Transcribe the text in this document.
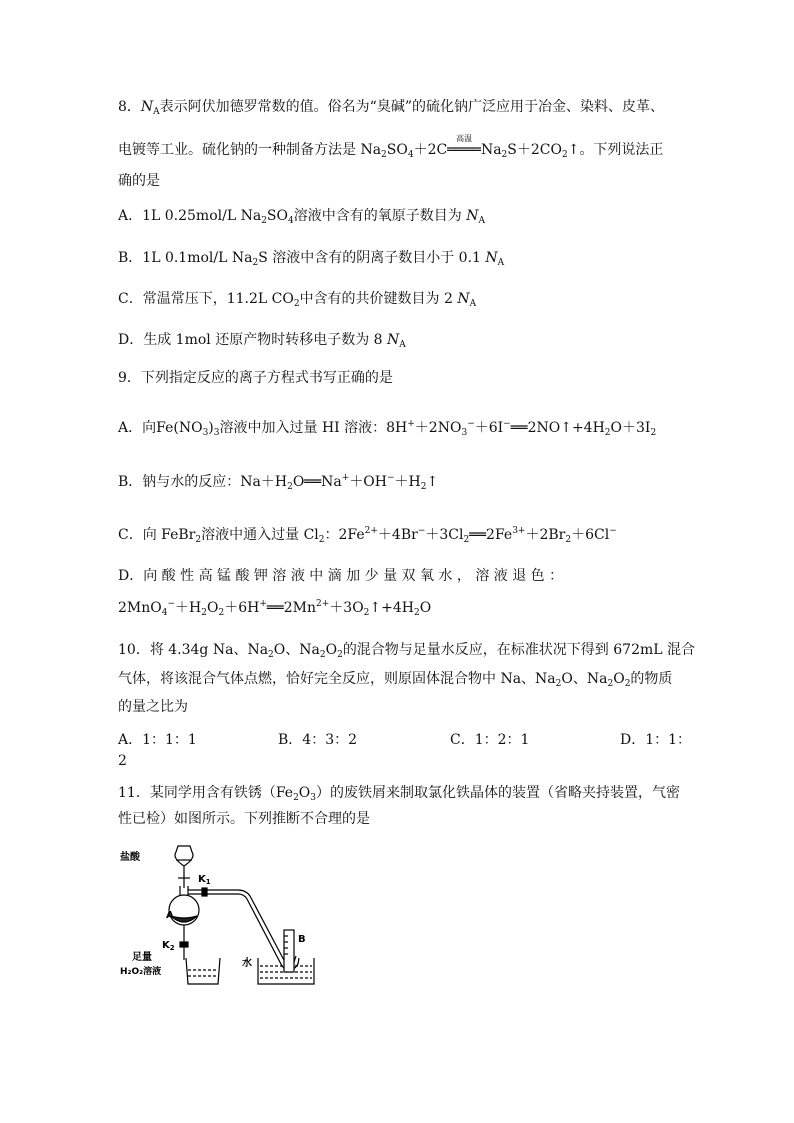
8．$N_A$表示阿伏加德罗常数的值。俗名为“臭碱”的硫化钠广泛应用于冶金、染料、皮革、
电镀等工业。硫化钠的一种制备方法是 $Na_2SO_4+2C$
高温
$════Na_2S+2CO_2↑$。下列说法正
确的是
A．1L 0.25mol/L $Na_2SO_4$溶液中含有的氧原子数目为 $N_A$
B．1L 0.1mol/L $Na_2S$ 溶液中含有的阴离子数目小于 0.1 $N_A$
C．常温常压下，11.2L $CO_2$中含有的共价键数目为 2 $N_A$
D．生成 1mol 还原产物时转移电子数为 8 $N_A$
9．下列指定反应的离子方程式书写正确的是
A．向$Fe(NO_3)_3$溶液中加入过量 HI 溶液：$8H^++2NO_3^-+6I^-══2NO↑+4H_2O+3I_2$
B．钠与水的反应：$Na+H_2O══Na^++OH^-+H_2↑$
C．向 FeBr$_2$溶液中通入过量 $Cl_2$：$2Fe^{2+}+4Br^-+3Cl_2══2Fe^{3+}+2Br_2+6Cl^-$
D．向 酸 性 高 锰 酸 钾 溶 液 中 滴 加 少 量 双 氧 水 ， 溶 液 退 色 ：
$2MnO_4^-+H_2O_2+6H^+══2Mn^{2+}+3O_2↑+4H_2O$
10．将 4.34g Na、$Na_2O$、$Na_2O_2$的混合物与足量水反应，在标准状况下得到 672mL 混合
气体，将该混合气体点燃，恰好完全反应，则原固体混合物中 Na、$Na_2O$、$Na_2O_2$的物质
的量之比为
A．1：1：1	B．4：3：2	C．1：2：1	D．1：1：
2
11．某同学用含有铁锈$(Fe_2O_3)$的废铁屑来制取氯化铁晶体的装置（省略夹持装置，气密
性已检）如图所示。下列推断不合理的是
盐酸
A
$K_1$
$K_2$
足量
H₂O₂溶液
水
B
